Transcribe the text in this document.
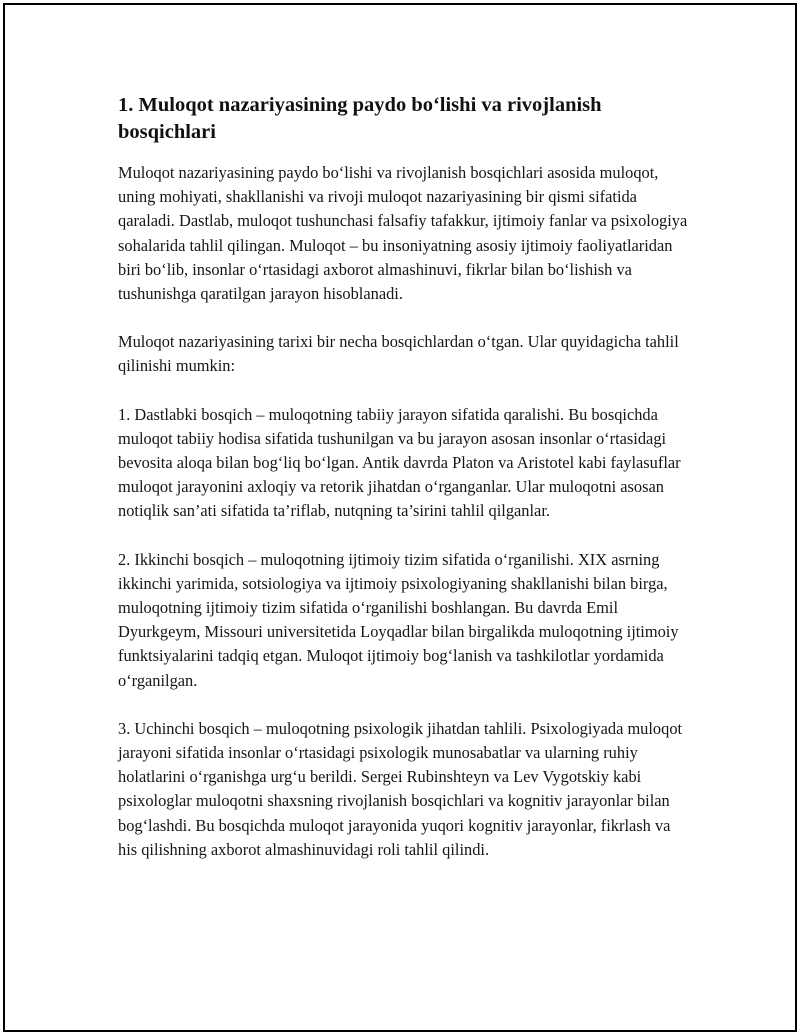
1. Muloqot nazariyasining paydo bo‘lishi va rivojlanish bosqichlari

Muloqot nazariyasining paydo bo‘lishi va rivojlanish bosqichlari asosida muloqot, uning mohiyati, shakllanishi va rivoji muloqot nazariyasining bir qismi sifatida qaraladi. Dastlab, muloqot tushunchasi falsafiy tafakkur, ijtimoiy fanlar va psixologiya sohalarida tahlil qilingan. Muloqot – bu insoniyatning asosiy ijtimoiy faoliyatlaridan biri bo‘lib, insonlar o‘rtasidagi axborot almashinuvi, fikrlar bilan bo‘lishish va tushunishga qaratilgan jarayon hisoblanadi.

Muloqot nazariyasining tarixi bir necha bosqichlardan o‘tgan. Ular quyidagicha tahlil qilinishi mumkin:

1. Dastlabki bosqich – muloqotning tabiiy jarayon sifatida qaralishi. Bu bosqichda muloqot tabiiy hodisa sifatida tushunilgan va bu jarayon asosan insonlar o‘rtasidagi bevosita aloqa bilan bog‘liq bo‘lgan. Antik davrda Platon va Aristotel kabi faylasuflar muloqot jarayonini axloqiy va retorik jihatdan o‘rganganlar. Ular muloqotni asosan notiqlik san’ati sifatida ta’riflab, nutqning ta’sirini tahlil qilganlar.

2. Ikkinchi bosqich – muloqotning ijtimoiy tizim sifatida o‘rganilishi. XIX asrning ikkinchi yarimida, sotsiologiya va ijtimoiy psixologiyaning shakllanishi bilan birga, muloqotning ijtimoiy tizim sifatida o‘rganilishi boshlangan. Bu davrda Emil Dyurkgeym, Missouri universitetida Loyqadlar bilan birgalikda muloqotning ijtimoiy funktsiyalarini tadqiq etgan. Muloqot ijtimoiy bog‘lanish va tashkilotlar yordamida o‘rganilgan.

3. Uchinchi bosqich – muloqotning psixologik jihatdan tahlili. Psixologiyada muloqot jarayoni sifatida insonlar o‘rtasidagi psixologik munosabatlar va ularning ruhiy holatlarini o‘rganishga urg‘u berildi. Sergei Rubinshteyn va Lev Vygotskiy kabi psixologlar muloqotni shaxsning rivojlanish bosqichlari va kognitiv jarayonlar bilan bog‘lashdi. Bu bosqichda muloqot jarayonida yuqori kognitiv jarayonlar, fikrlash va his qilishning axborot almashinuvidagi roli tahlil qilindi.
